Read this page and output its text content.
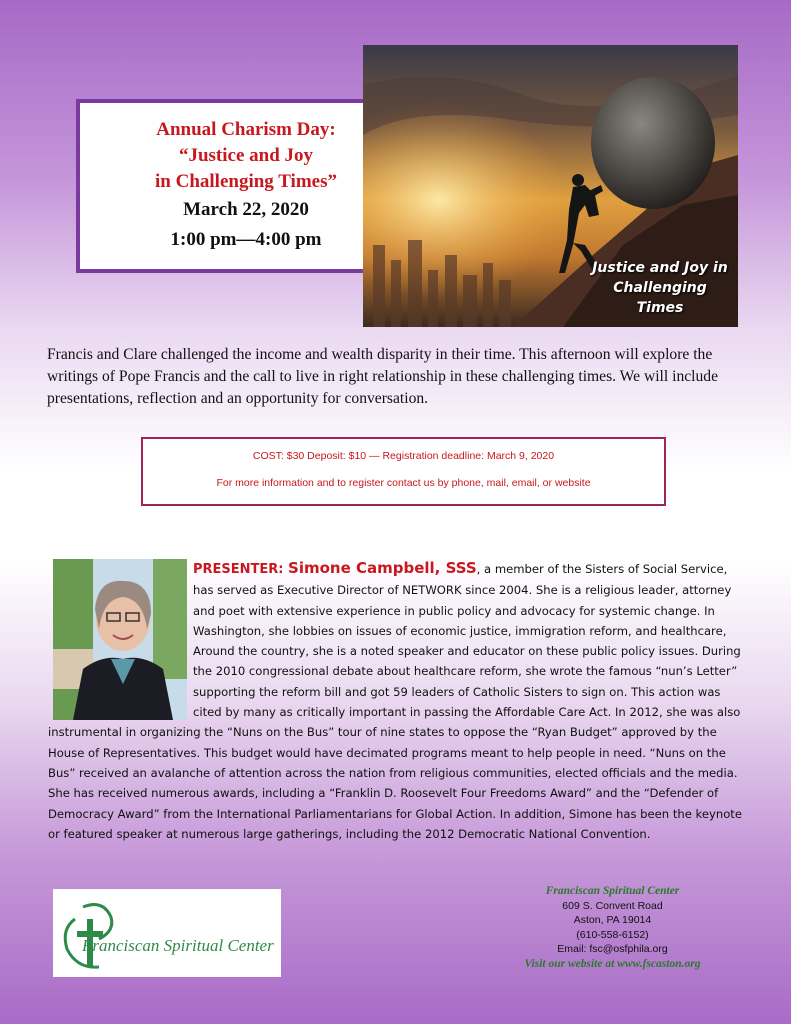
Annual Charism Day:
“Justice and Joy
in Challenging Times”
March 22, 2020
1:00 pm—4:00 pm
Justice and Joy in
Challenging Times
Francis and Clare challenged the income and wealth disparity in their time. This afternoon will explore the writings of Pope Francis and the call to live in right relationship in these challenging times. We will include presentations, reflection and an opportunity for conversation.
COST: $30 Deposit: $10 — Registration deadline: March 9, 2020
For more information and to register contact us by phone, mail, email, or website
PRESENTER: Simone Campbell, SSS, a member of the Sisters of Social Service, has served as Executive Director of NETWORK since 2004. She is a religious leader, attorney and poet with extensive experience in public policy and advocacy for systemic change. In Washington, she lobbies on issues of economic justice, immigration reform, and healthcare, Around the country, she is a noted speaker and educator on these public policy issues. During the 2010 congressional debate about healthcare reform, she wrote the famous “nun’s Letter” supporting the reform bill and got 59 leaders of Catholic Sisters to sign on. This action was cited by many as critically important in passing the Affordable Care Act. In 2012, she was also instrumental in organizing the “Nuns on the Bus” tour of nine states to oppose the “Ryan Budget” approved by the House of Representatives. This budget would have decimated programs meant to help people in need. “Nuns on the Bus” received an avalanche of attention across the nation from religious communities, elected officials and the media. She has received numerous awards, including a “Franklin D. Roosevelt Four Freedoms Award” and the “Defender of Democracy Award” from the International Parliamentarians for Global Action. In addition, Simone has been the keynote or featured speaker at numerous large gatherings, including the 2012 Democratic National Convention.
Franciscan Spiritual Center
Franciscan Spiritual Center
609 S. Convent Road
Aston, PA 19014
(610-558-6152)
Email: fsc@osfphila.org
Visit our website at www.fscaston.org
